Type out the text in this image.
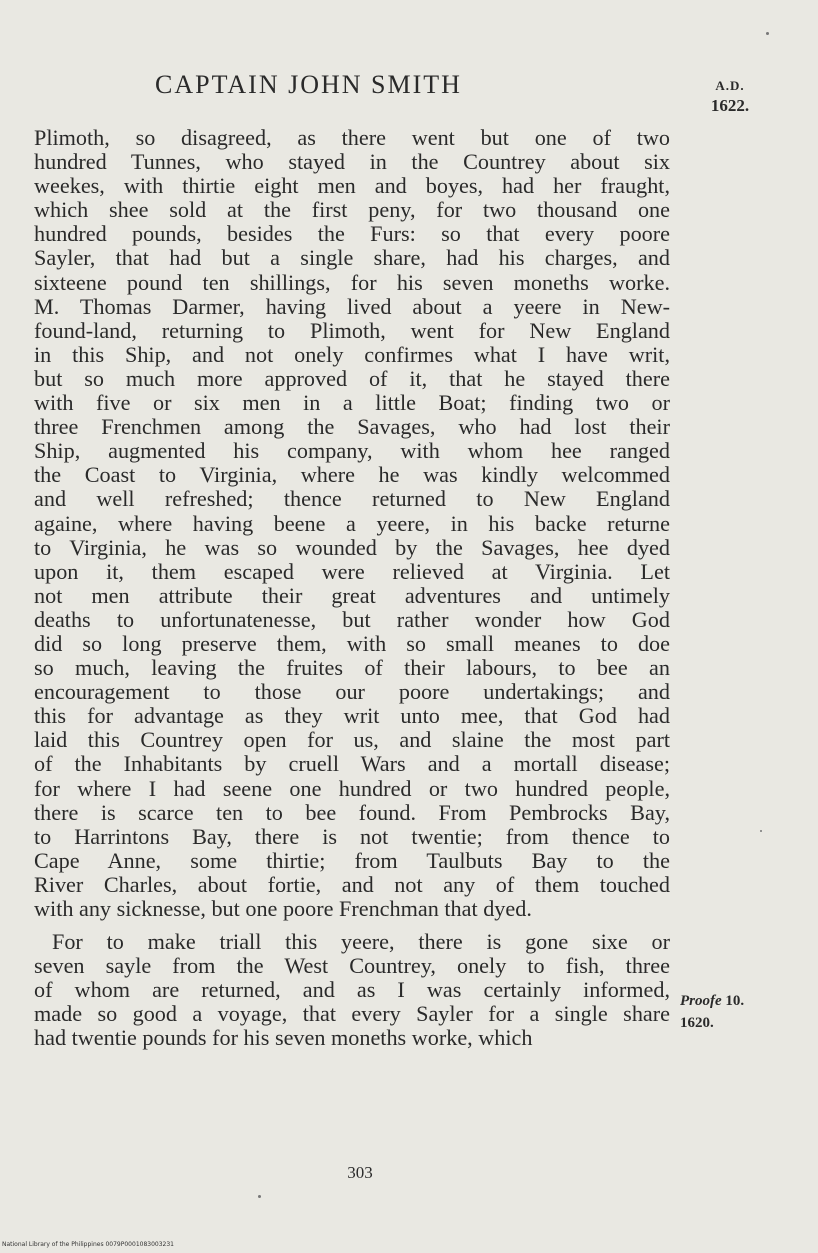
CAPTAIN JOHN SMITH	A.D.
1622.
Plimoth, so disagreed, as there went but one of two
hundred Tunnes, who stayed in the Countrey about six
weekes, with thirtie eight men and boyes, had her fraught,
which shee sold at the first peny, for two thousand one
hundred pounds, besides the Furs: so that every poore
Sayler, that had but a single share, had his charges, and
sixteene pound ten shillings, for his seven moneths worke.
M. Thomas Darmer, having lived about a yeere in New-
found-land, returning to Plimoth, went for New England
in this Ship, and not onely confirmes what I have writ,
but so much more approved of it, that he stayed there
with five or six men in a little Boat; finding two or
three Frenchmen among the Savages, who had lost their
Ship, augmented his company, with whom hee ranged
the Coast to Virginia, where he was kindly welcommed
and well refreshed; thence returned to New England
againe, where having beene a yeere, in his backe returne
to Virginia, he was so wounded by the Savages, hee dyed
upon it, them escaped were relieved at Virginia. Let
not men attribute their great adventures and untimely
deaths to unfortunatenesse, but rather wonder how God
did so long preserve them, with so small meanes to doe
so much, leaving the fruites of their labours, to bee an
encouragement to those our poore undertakings; and
this for advantage as they writ unto mee, that God had
laid this Countrey open for us, and slaine the most part
of the Inhabitants by cruell Wars and a mortall disease;
for where I had seene one hundred or two hundred people,
there is scarce ten to bee found. From Pembrocks Bay,
to Harrintons Bay, there is not twentie; from thence to
Cape Anne, some thirtie; from Taulbuts Bay to the
River Charles, about fortie, and not any of them touched
with any sicknesse, but one poore Frenchman that dyed.
For to make triall this yeere, there is gone sixe or
seven sayle from the West Countrey, onely to fish, three
of whom are returned, and as I was certainly informed,
made so good a voyage, that every Sayler for a single share
had twentie pounds for his seven moneths worke, which
Proofe 10.
1620.
303
National Library of the Philippines 0079P0001083003231
